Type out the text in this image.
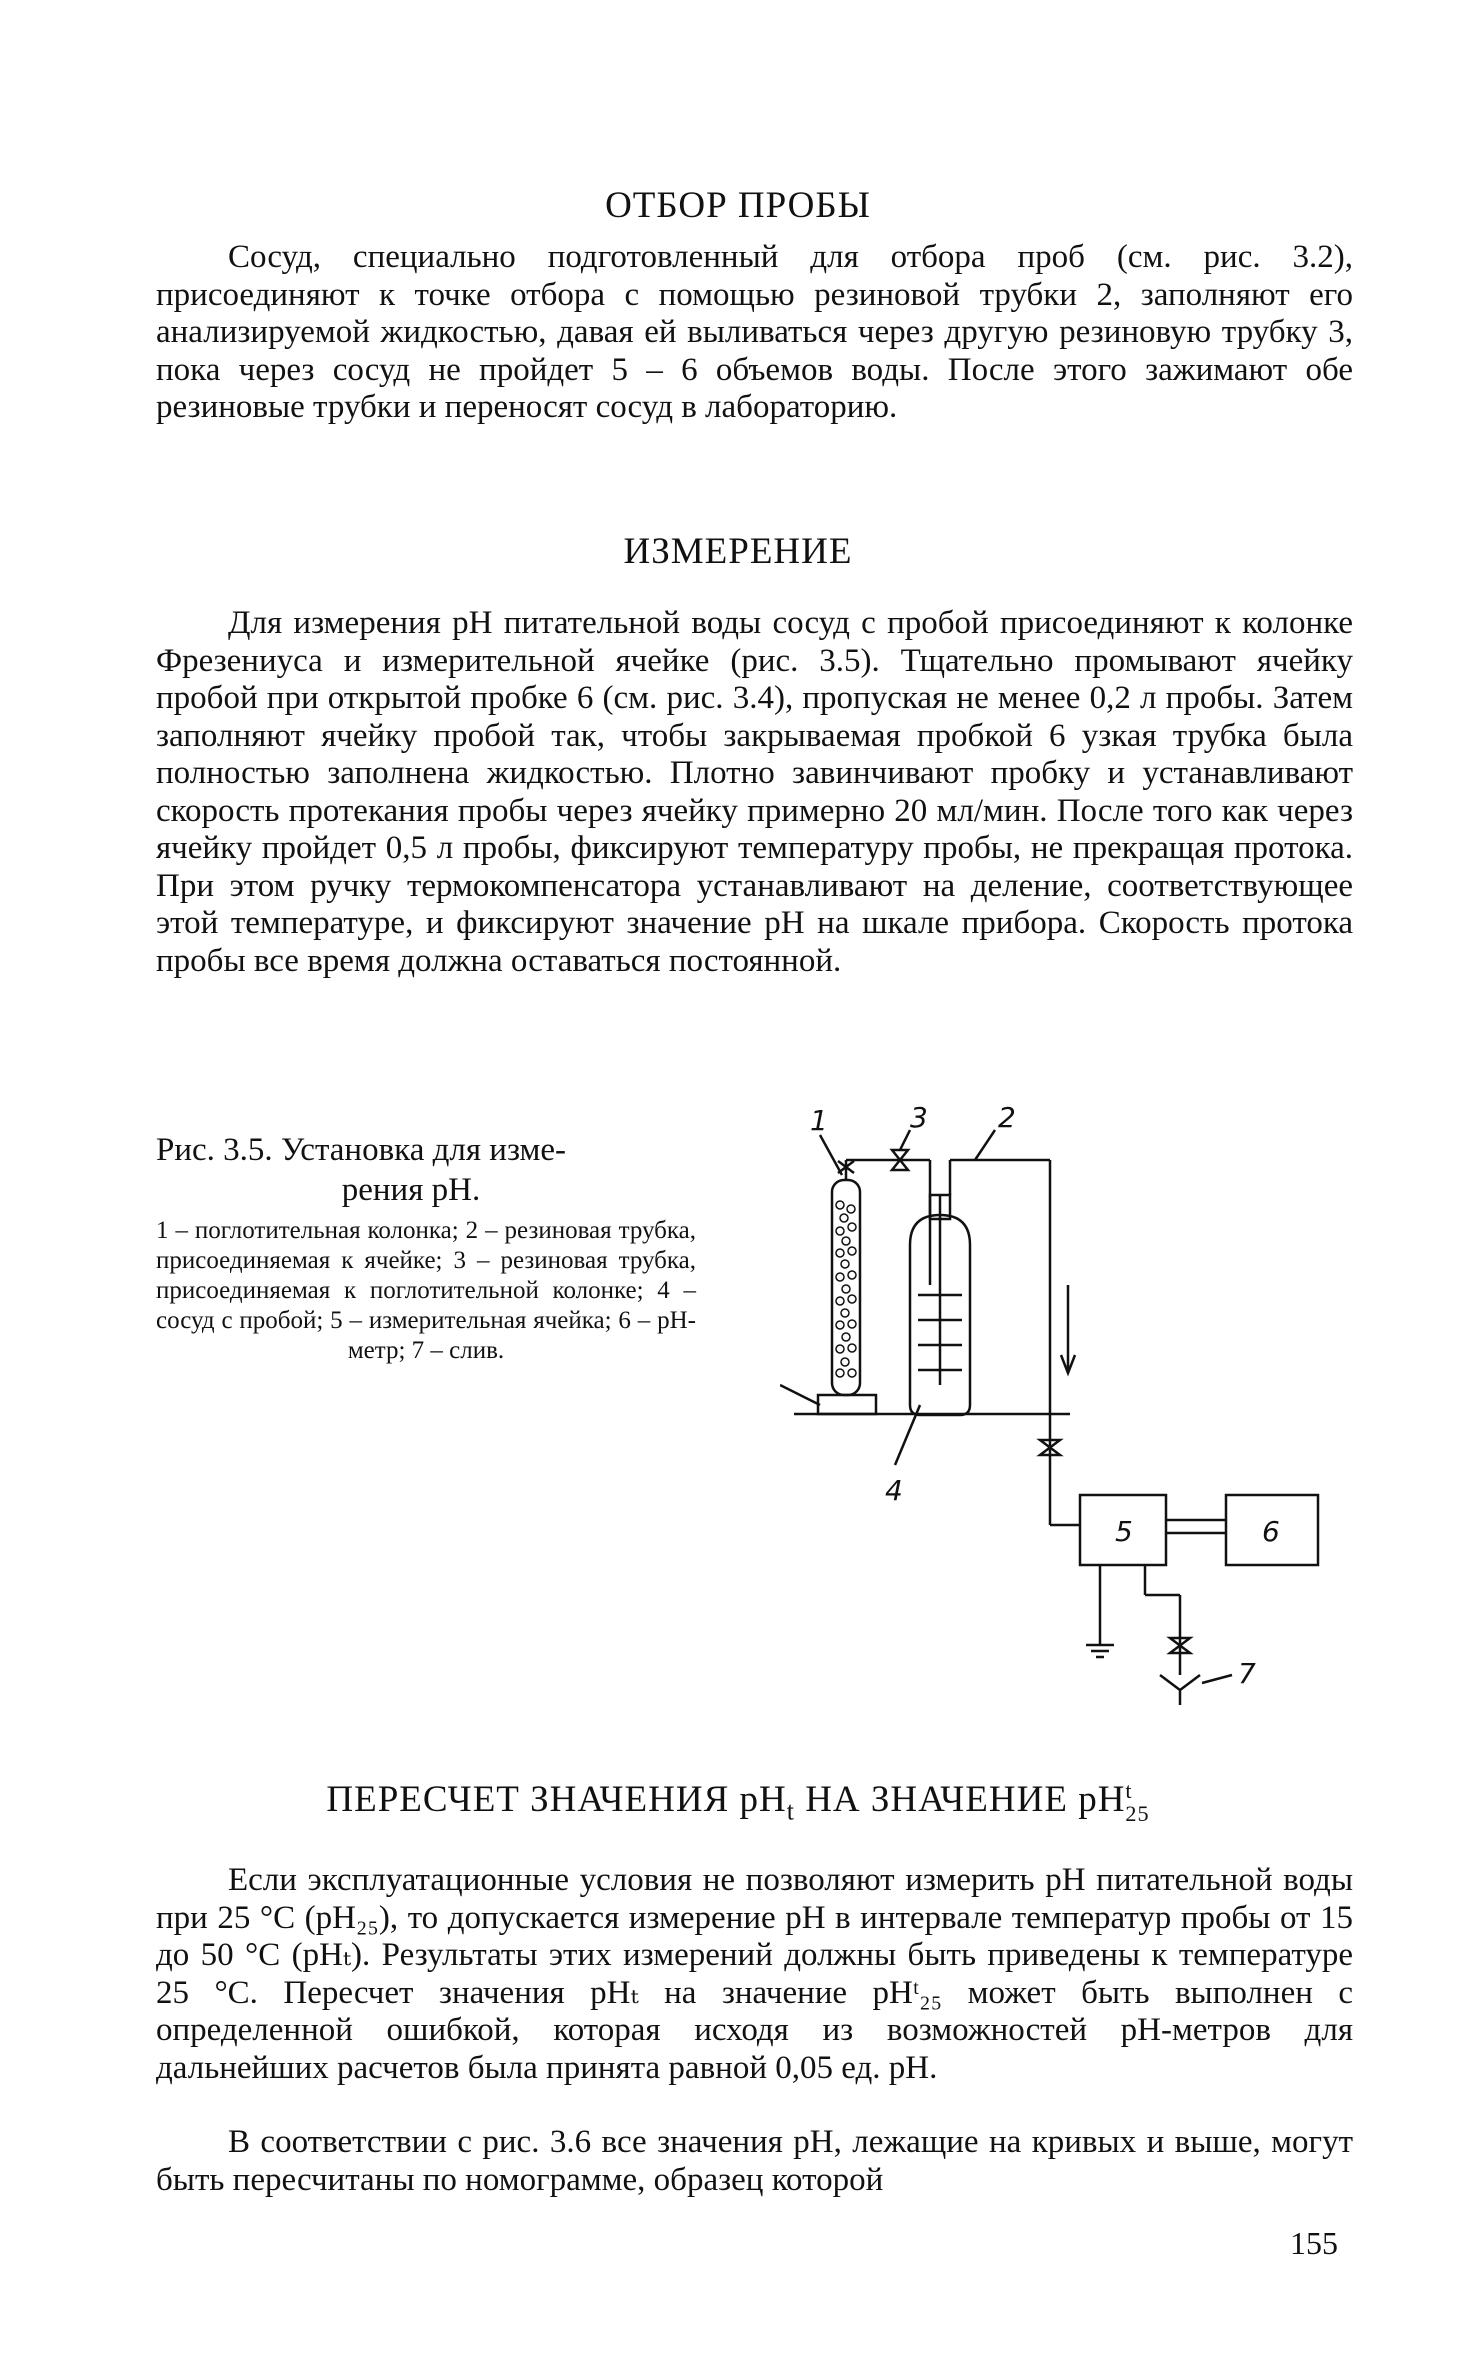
ОТБОР ПРОБЫ

Сосуд, специально подготовленный для отбора проб (см. рис. 3.2), присоединяют к точке отбора с помощью резиновой трубки 2, заполняют его анализируемой жидкостью, давая ей выливаться через другую резиновую трубку 3, пока через сосуд не пройдет 5 – 6 объемов воды. После этого зажимают обе резиновые трубки и переносят сосуд в лабораторию.

ИЗМЕРЕНИЕ

Для измерения рН питательной воды сосуд с пробой присоединяют к колонке Фрезениуса и измерительной ячейке (рис. 3.5). Тщательно промывают ячейку пробой при открытой пробке 6 (см. рис. 3.4), пропуская не менее 0,2 л пробы. Затем заполняют ячейку пробой так, чтобы закрываемая пробкой 6 узкая трубка была полностью заполнена жидкостью. Плотно завинчивают пробку и устанавливают скорость протекания пробы через ячейку примерно 20 мл/мин. После того как через ячейку пройдет 0,5 л пробы, фиксируют температуру пробы, не прекращая протока. При этом ручку термокомпенсатора устанавливают на деление, соответствующее этой температуре, и фиксируют значение рН на шкале прибора. Скорость протока пробы все время должна оставаться постоянной.

Рис. 3.5. Установка для изме-
рения рН.

1 – поглотительная колонка; 2 – резиновая трубка, присоединяемая к ячейке; 3 – резиновая трубка, присоединяемая к поглотительной колонке; 4 – сосуд с пробой; 5 – измерительная ячейка; 6 – рН-метр; 7 – слив.

1	3	2
4
5	6
7
ПЕРЕСЧЕТ ЗНАЧЕНИЯ $рН_t$ НА ЗНАЧЕНИЕ рН t
25

Если эксплуатационные условия не позволяют измерить рН питательной воды при 25 °С (рН₂₅), то допускается измерение рН в интервале температур пробы от 15 до 50 °С (рНₜ). Результаты этих измерений должны быть приведены к температуре 25 °С. Пересчет значения рНₜ на значение рНᵗ₂₅ может быть выполнен с определенной ошибкой, которая исходя из возможностей рН-метров для дальнейших расчетов была принята равной 0,05 ед. рН.

В соответствии с рис. 3.6 все значения рН, лежащие на кривых и выше, могут быть пересчитаны по номограмме, образец которой

155
